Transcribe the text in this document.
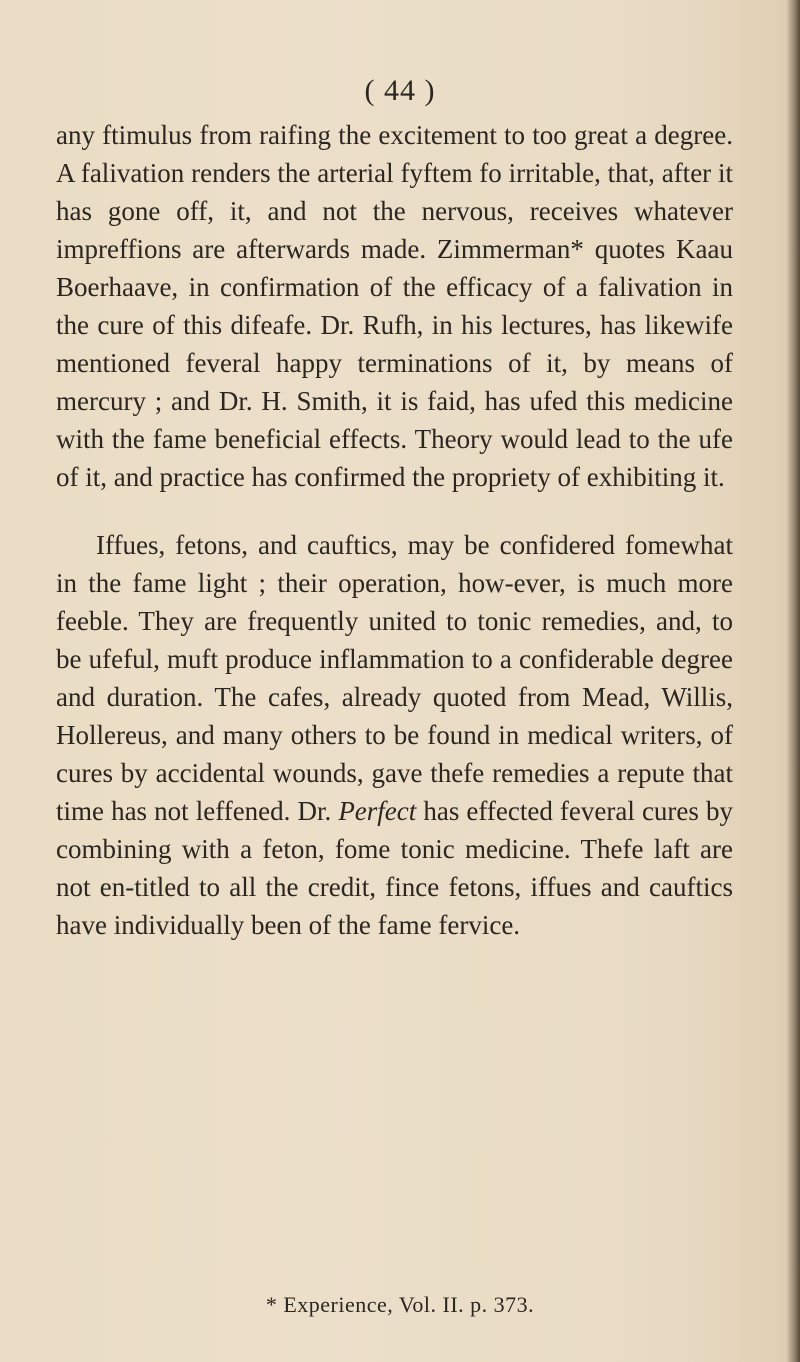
( 44 )

any ftimulus from raifing the excitement to too great a degree. A falivation renders the arterial fyftem fo irritable, that, after it has gone off, it, and not the nervous, receives whatever impreffions are afterwards made. Zimmerman* quotes Kaau Boerhaave, in confirmation of the efficacy of a falivation in the cure of this difeafe. Dr. Rufh, in his lectures, has likewife mentioned feveral happy terminations of it, by means of mercury ; and Dr. H. Smith, it is faid, has ufed this medicine with the fame beneficial effects. Theory would lead to the ufe of it, and practice has confirmed the propriety of exhibiting it.

Iffues, fetons, and cauftics, may be confidered fomewhat in the fame light ; their operation, how-ever, is much more feeble. They are frequently united to tonic remedies, and, to be ufeful, muft produce inflammation to a confiderable degree and duration. The cafes, already quoted from Mead, Willis, Hollereus, and many others to be found in medical writers, of cures by accidental wounds, gave thefe remedies a repute that time has not leffened. Dr. Perfect has effected feveral cures by combining with a feton, fome tonic medicine. Thefe laft are not en-titled to all the credit, fince fetons, iffues and cauftics have individually been of the fame fervice.

* Experience, Vol. II. p. 373.
